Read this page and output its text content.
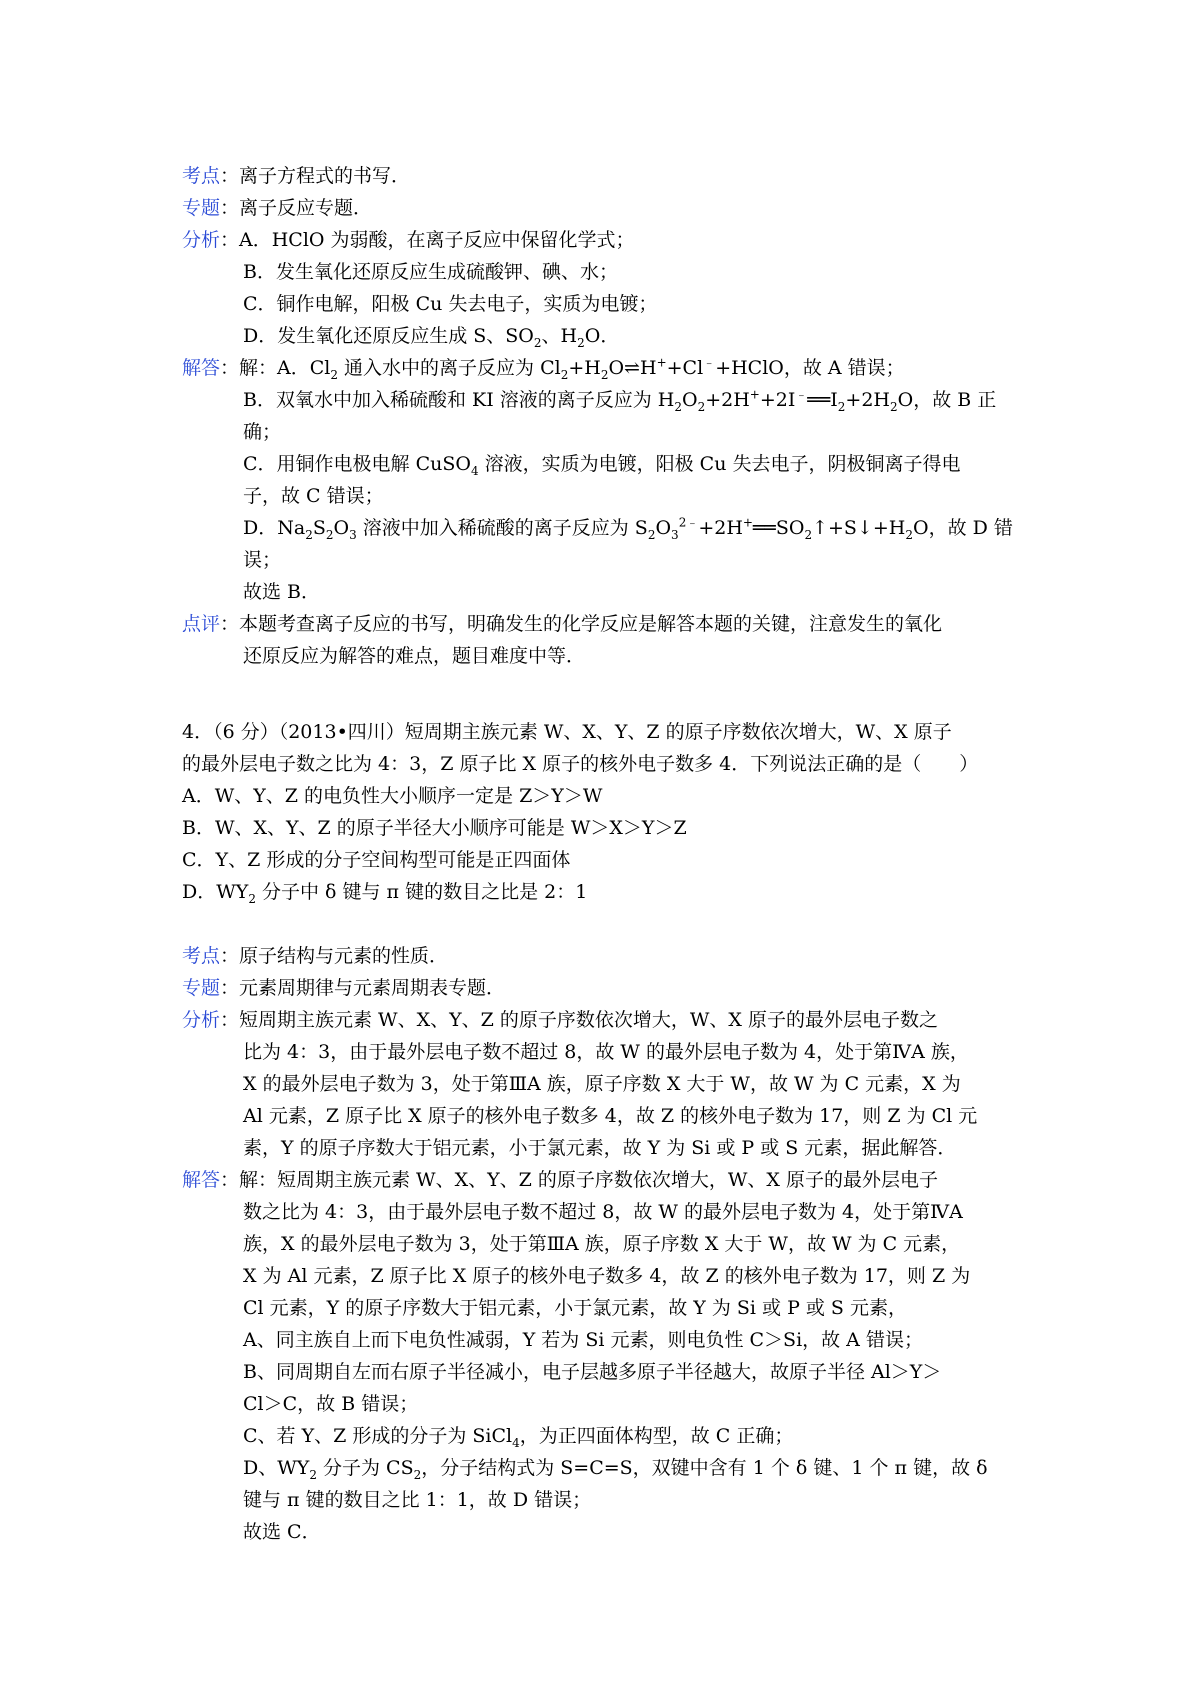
考点：离子方程式的书写．
专题：离子反应专题．
分析：A．HClO 为弱酸，在离子反应中保留化学式；
B．发生氧化还原反应生成硫酸钾、碘、水；
C．铜作电解，阳极 Cu 失去电子，实质为电镀；
D．发生氧化还原反应生成 S、$SO_2$、$H_2O$．
解答：解：A．$Cl_2$ 通入水中的离子反应为 $Cl_2+H_2O\rightleftharpoons H^++Cl^﹣+HClO$，故 A 错误；
B．双氧水中加入稀硫酸和 KI 溶液的离子反应为 $H_2O_2+2H^++2I^﹣══I_2+2H_2O$，故 B 正
确；
C．用铜作电极电解 CuSO$_4$ 溶液，实质为电镀，阳极 Cu 失去电子，阴极铜离子得电
子，故 C 错误；
D．$Na_2S_2O_3$ 溶液中加入稀硫酸的离子反应为 $S_2O_3^{2﹣}+2H^+══SO_2↑+S↓+H_2O$，故 D 错
误；
故选 B．
点评：本题考查离子反应的书写，明确发生的化学反应是解答本题的关键，注意发生的氧化
还原反应为解答的难点，题目难度中等．
4．（6 分）（2013•四川）短周期主族元素 W、X、Y、Z 的原子序数依次增大，W、X 原子
的最外层电子数之比为 4：3，Z 原子比 X 原子的核外电子数多 4．下列说法正确的是（　　）
A．W、Y、Z 的电负性大小顺序一定是 Z＞Y＞W
B．W、X、Y、Z 的原子半径大小顺序可能是 W＞X＞Y＞Z
C．Y、Z 形成的分子空间构型可能是正四面体
D．$WY_2$ 分子中 δ 键与 π 键的数目之比是 2：1
考点：原子结构与元素的性质．
专题：元素周期律与元素周期表专题．
分析：短周期主族元素 W、X、Y、Z 的原子序数依次增大，W、X 原子的最外层电子数之
比为 4：3，由于最外层电子数不超过 8，故 W 的最外层电子数为 4，处于第ⅣA 族，
X 的最外层电子数为 3，处于第ⅢA 族，原子序数 X 大于 W，故 W 为 C 元素，X 为
Al 元素，Z 原子比 X 原子的核外电子数多 4，故 Z 的核外电子数为 17，则 Z 为 Cl 元
素，Y 的原子序数大于铝元素，小于氯元素，故 Y 为 Si 或 P 或 S 元素，据此解答．
解答：解：短周期主族元素 W、X、Y、Z 的原子序数依次增大，W、X 原子的最外层电子
数之比为 4：3，由于最外层电子数不超过 8，故 W 的最外层电子数为 4，处于第ⅣA
族，X 的最外层电子数为 3，处于第ⅢA 族，原子序数 X 大于 W，故 W 为 C 元素，
X 为 Al 元素，Z 原子比 X 原子的核外电子数多 4，故 Z 的核外电子数为 17，则 Z 为
Cl 元素，Y 的原子序数大于铝元素，小于氯元素，故 Y 为 Si 或 P 或 S 元素，
A、同主族自上而下电负性减弱，Y 若为 Si 元素，则电负性 C＞Si，故 A 错误；
B、同周期自左而右原子半径减小，电子层越多原子半径越大，故原子半径 Al＞Y＞
Cl＞C，故 B 错误；
C、若 Y、Z 形成的分子为 SiCl$_4$，为正四面体构型，故 C 正确；
D、$WY_2$ 分子为 $CS_2$，分子结构式为 S=C=S，双键中含有 1 个 δ 键、1 个 π 键，故 δ
键与 π 键的数目之比 1：1，故 D 错误；
故选 C．
